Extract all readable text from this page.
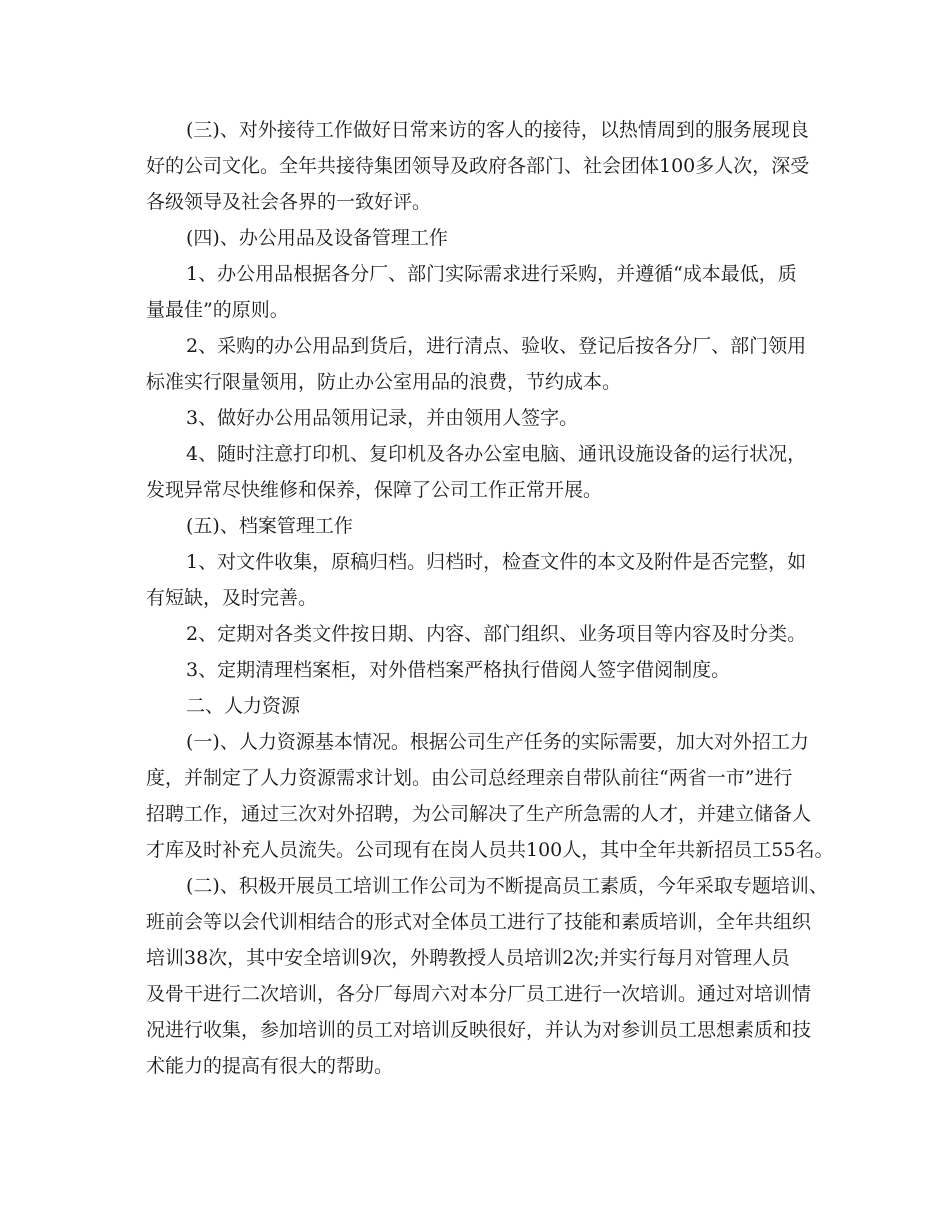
(三)、对外接待工作做好日常来访的客人的接待，以热情周到的服务展现良

好的公司文化。全年共接待集团领导及政府各部门、社会团体100多人次，深受

各级领导及社会各界的一致好评。

(四)、办公用品及设备管理工作

1、办公用品根据各分厂、部门实际需求进行采购，并遵循“成本最低，质

量最佳”的原则。

2、采购的办公用品到货后，进行清点、验收、登记后按各分厂、部门领用

标准实行限量领用，防止办公室用品的浪费，节约成本。

3、做好办公用品领用记录，并由领用人签字。

4、随时注意打印机、复印机及各办公室电脑、通讯设施设备的运行状况，

发现异常尽快维修和保养，保障了公司工作正常开展。

(五)、档案管理工作

1、对文件收集，原稿归档。归档时，检查文件的本文及附件是否完整，如

有短缺，及时完善。

2、定期对各类文件按日期、内容、部门组织、业务项目等内容及时分类。

3、定期清理档案柜，对外借档案严格执行借阅人签字借阅制度。

二、人力资源

(一)、人力资源基本情况。根据公司生产任务的实际需要，加大对外招工力

度，并制定了人力资源需求计划。由公司总经理亲自带队前往“两省一市”进行

招聘工作，通过三次对外招聘，为公司解决了生产所急需的人才，并建立储备人

才库及时补充人员流失。公司现有在岗人员共100人，其中全年共新招员工55名。

(二)、积极开展员工培训工作公司为不断提高员工素质，今年采取专题培训、

班前会等以会代训相结合的形式对全体员工进行了技能和素质培训，全年共组织

培训38次，其中安全培训9次，外聘教授人员培训2次;并实行每月对管理人员

及骨干进行二次培训，各分厂每周六对本分厂员工进行一次培训。通过对培训情

况进行收集，参加培训的员工对培训反映很好，并认为对参训员工思想素质和技

术能力的提高有很大的帮助。
